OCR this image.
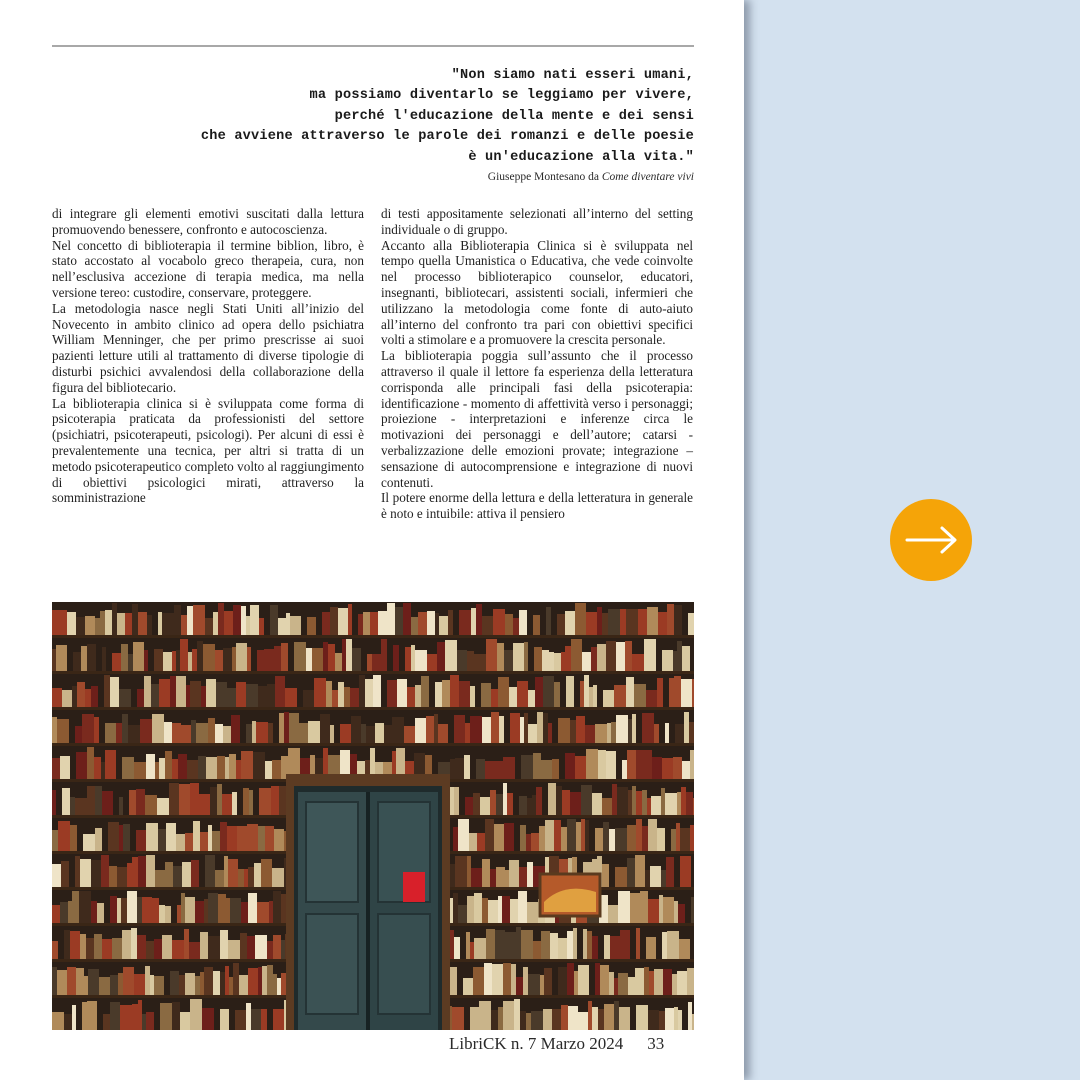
"Non siamo nati esseri umani,
ma possiamo diventarlo se leggiamo per vivere,
perché l'educazione della mente e dei sensi
che avviene attraverso le parole dei romanzi e delle poesie
è un'educazione alla vita."
Giuseppe Montesano da Come diventare vivi

di integrare gli elementi emotivi suscitati dalla lettura promuovendo benessere, confronto e autocoscienza.

Nel concetto di biblioterapia il termine biblion, libro, è stato accostato al vocabolo greco therapeia, cura, non nell’esclusiva accezione di terapia medica, ma nella versione tereo: custodire, conservare, proteggere.

La metodologia nasce negli Stati Uniti all’inizio del Novecento in ambito clinico ad opera dello psichiatra William Menninger, che per primo prescrisse ai suoi pazienti letture utili al trattamento di diverse tipologie di disturbi psichici avvalendosi della collaborazione della figura del bibliotecario.

La biblioterapia clinica si è sviluppata come forma di psicoterapia praticata da professionisti del settore (psichiatri, psicoterapeuti, psicologi). Per alcuni di essi è prevalentemente una tecnica, per altri si tratta di un metodo psicoterapeutico completo volto al raggiungimento di obiettivi psicologici mirati, attraverso la somministrazione

di testi appositamente selezionati all’interno del setting individuale o di gruppo.

Accanto alla Biblioterapia Clinica si è sviluppata nel tempo quella Umanistica o Educativa, che vede coinvolte nel processo biblioterapico counselor, educatori, insegnanti, bibliotecari, assistenti sociali, infermieri che utilizzano la metodologia come fonte di auto-aiuto all’interno del confronto tra pari con obiettivi specifici volti a stimolare e a promuovere la crescita personale.

La biblioterapia poggia sull’assunto che il processo attraverso il quale il lettore fa esperienza della letteratura corrisponda alle principali fasi della psicoterapia: identificazione - momento di affettività verso i personaggi; proiezione - interpretazioni e inferenze circa le motivazioni dei personaggi e dell’autore; catarsi - verbalizzazione delle emozioni provate; integrazione – sensazione di autocomprensione e integrazione di nuovi contenuti.

Il potere enorme della lettura e della letteratura in generale è noto e intuibile: attiva il pensiero

LibriCK n. 7 Marzo 2024 33
